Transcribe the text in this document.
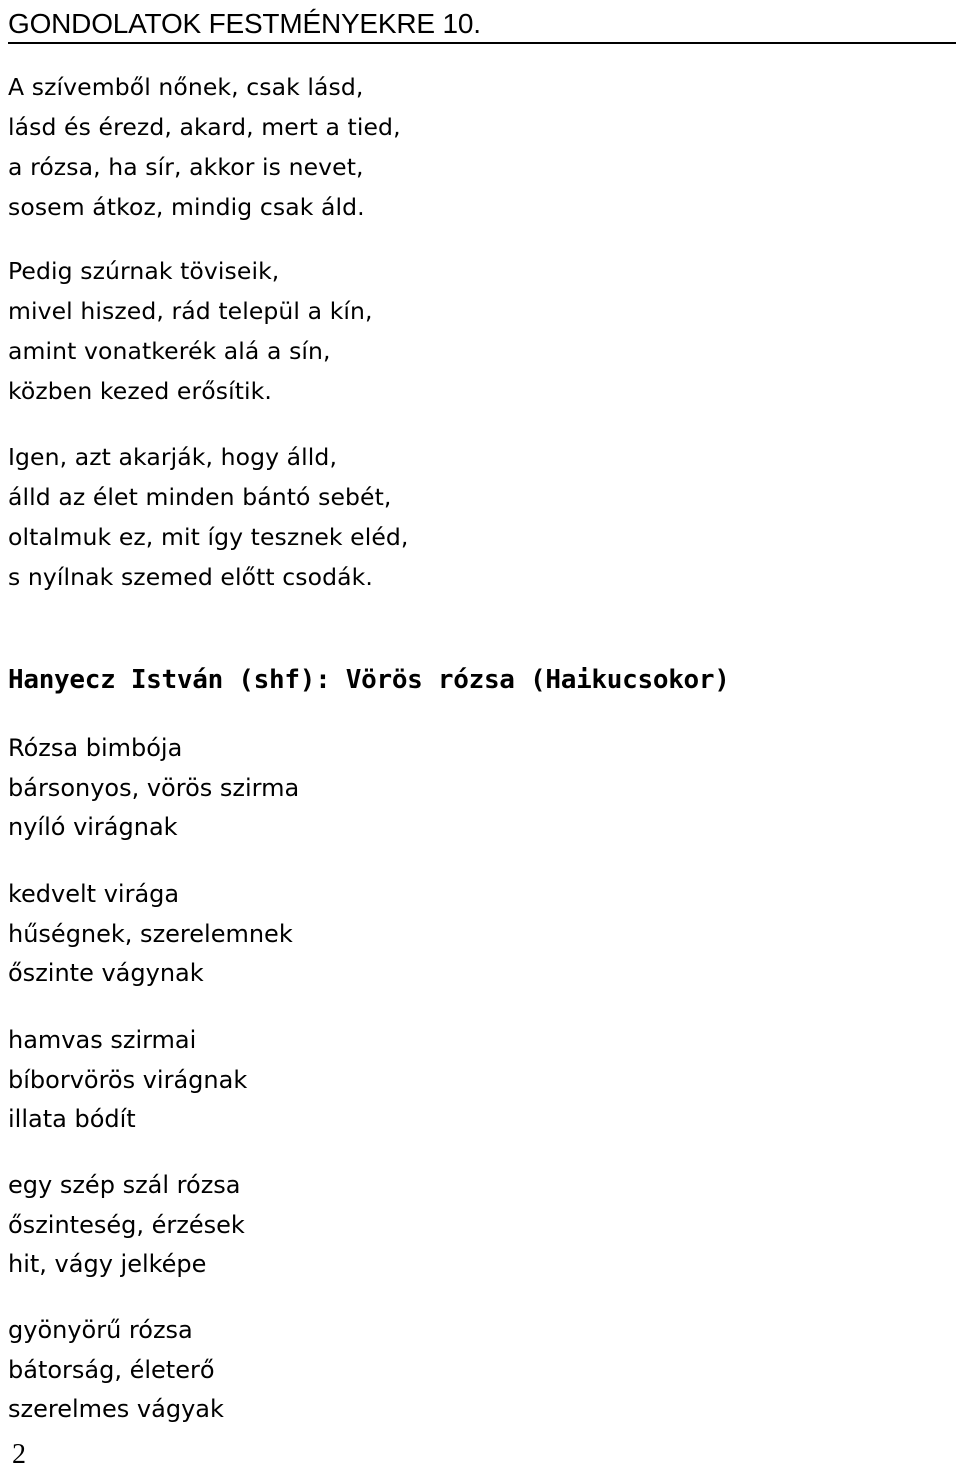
GONDOLATOK FESTMÉNYEKRE 10.
A szívemből nőnek, csak lásd,
lásd és érezd, akard, mert a tied,
a rózsa, ha sír, akkor is nevet,
sosem átkoz, mindig csak áld.
Pedig szúrnak töviseik,
mivel hiszed, rád települ a kín,
amint vonatkerék alá a sín,
közben kezed erősítik.
Igen, azt akarják, hogy álld,
álld az élet minden bántó sebét,
oltalmuk ez, mit így tesznek eléd,
s nyílnak szemed előtt csodák.
Hanyecz István (shf): Vörös rózsa (Haikucsokor)
Rózsa bimbója
bársonyos, vörös szirma
nyíló virágnak
kedvelt virága
hűségnek, szerelemnek
őszinte vágynak
hamvas szirmai
bíborvörös virágnak
illata bódít
egy szép szál rózsa
őszinteség, érzések
hit, vágy jelképe
gyönyörű rózsa
bátorság, életerő
szerelmes vágyak
2
